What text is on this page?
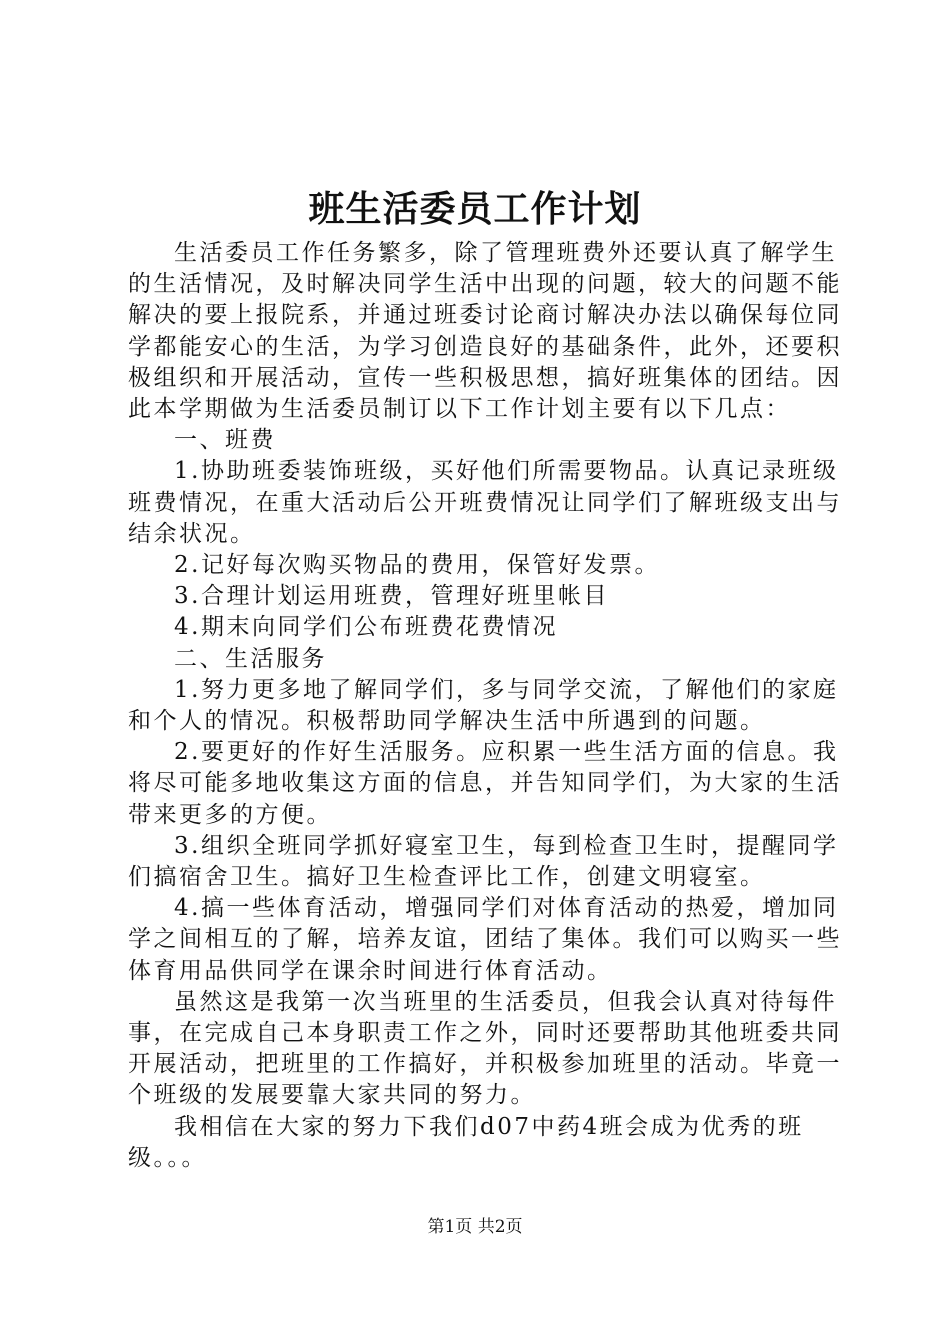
班生活委员工作计划

生活委员工作任务繁多，除了管理班费外还要认真了解学生的生活情况，及时解决同学生活中出现的问题，较大的问题不能解决的要上报院系，并通过班委讨论商讨解决办法以确保每位同学都能安心的生活，为学习创造良好的基础条件，此外，还要积极组织和开展活动，宣传一些积极思想，搞好班集体的团结。因此本学期做为生活委员制订以下工作计划主要有以下几点：

一、班费

1.协助班委装饰班级，买好他们所需要物品。认真记录班级班费情况，在重大活动后公开班费情况让同学们了解班级支出与结余状况。

2.记好每次购买物品的费用，保管好发票。

3.合理计划运用班费，管理好班里帐目

4.期末向同学们公布班费花费情况

二、生活服务

1.努力更多地了解同学们，多与同学交流，了解他们的家庭和个人的情况。积极帮助同学解决生活中所遇到的问题。

2.要更好的作好生活服务。应积累一些生活方面的信息。我将尽可能多地收集这方面的信息，并告知同学们，为大家的生活带来更多的方便。

3.组织全班同学抓好寝室卫生，每到检查卫生时，提醒同学们搞宿舍卫生。搞好卫生检查评比工作，创建文明寝室。

4.搞一些体育活动，增强同学们对体育活动的热爱，增加同学之间相互的了解，培养友谊，团结了集体。我们可以购买一些体育用品供同学在课余时间进行体育活动。

虽然这是我第一次当班里的生活委员，但我会认真对待每件事，在完成自己本身职责工作之外，同时还要帮助其他班委共同开展活动，把班里的工作搞好，并积极参加班里的活动。毕竟一个班级的发展要靠大家共同的努力。

我相信在大家的努力下我们d07中药4班会成为优秀的班级。。。

第1页 共2页
